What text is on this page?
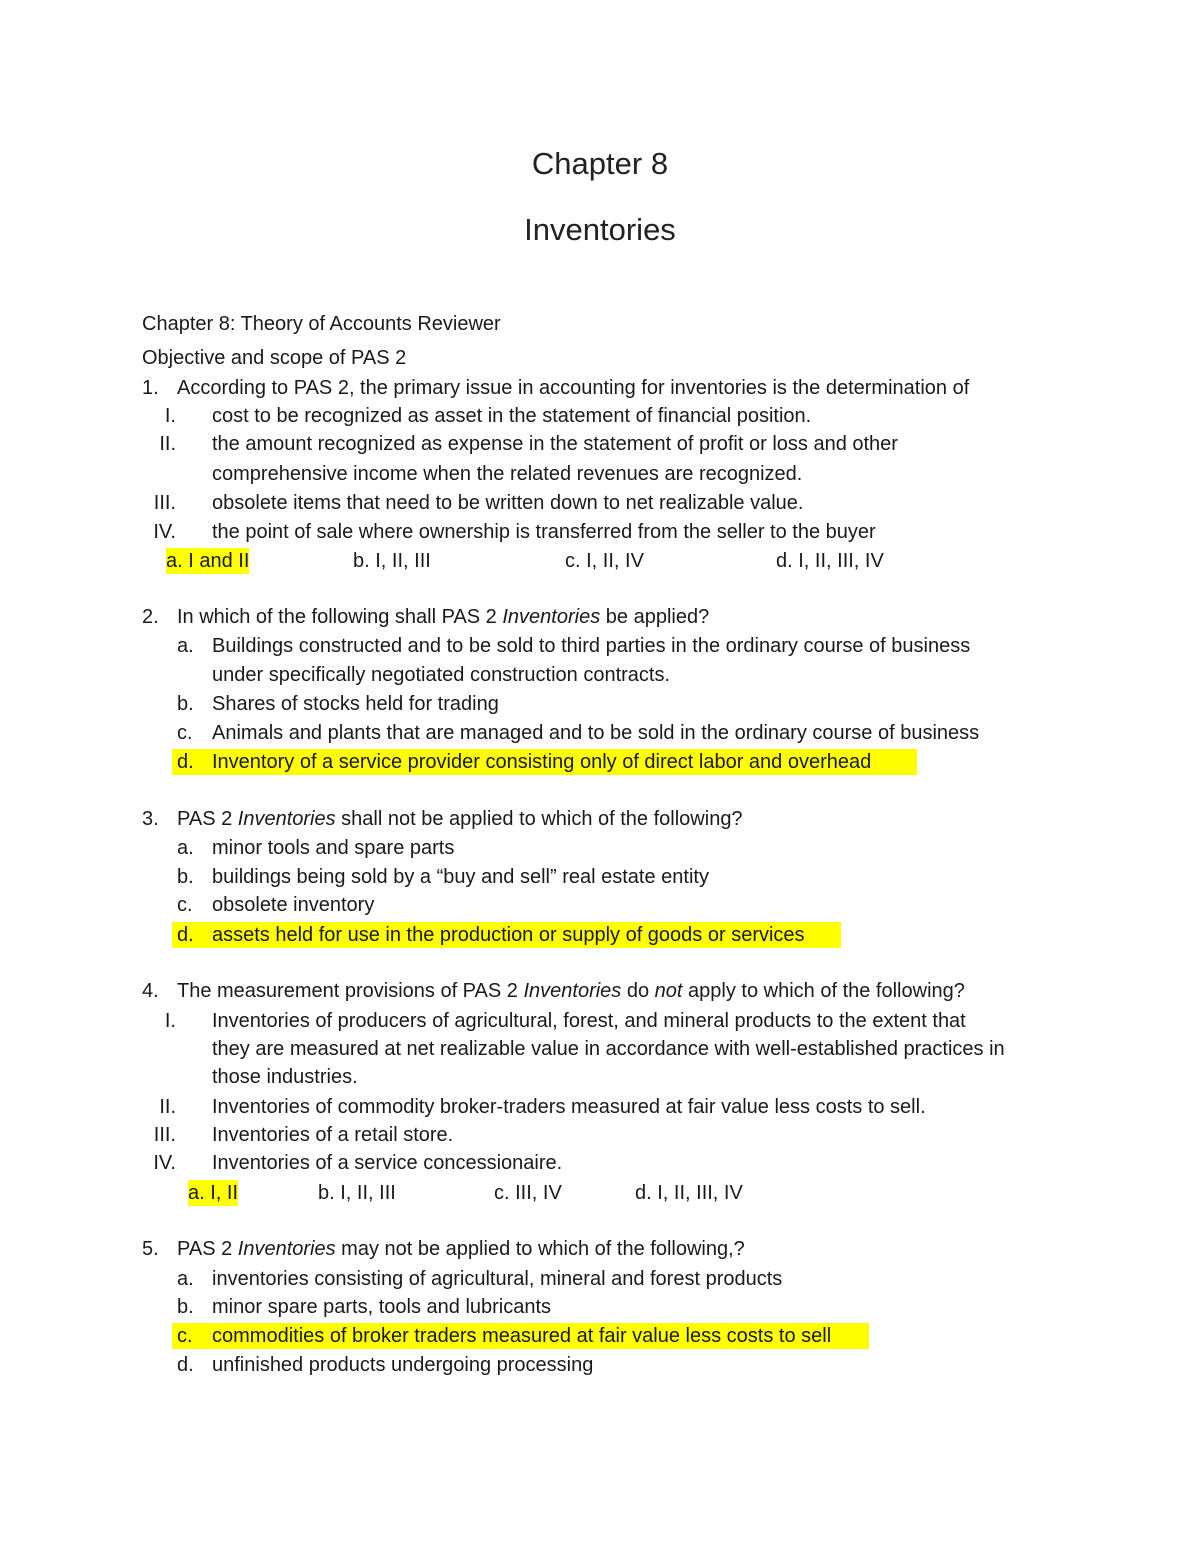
Chapter 8
Inventories
Chapter 8: Theory of Accounts Reviewer
Objective and scope of PAS 2
1. According to PAS 2, the primary issue in accounting for inventories is the determination of
I. cost to be recognized as asset in the statement of financial position.
II. the amount recognized as expense in the statement of profit or loss and other
comprehensive income when the related revenues are recognized.
III. obsolete items that need to be written down to net realizable value.
IV. the point of sale where ownership is transferred from the seller to the buyer
a. I and II	b. I, II, III	c. I, II, IV	d. I, II, III, IV
2. In which of the following shall PAS 2 Inventories be applied?
a. Buildings constructed and to be sold to third parties in the ordinary course of business
under specifically negotiated construction contracts.
b. Shares of stocks held for trading
c. Animals and plants that are managed and to be sold in the ordinary course of business
d. Inventory of a service provider consisting only of direct labor and overhead
3. PAS 2 Inventories shall not be applied to which of the following?
a. minor tools and spare parts
b. buildings being sold by a “buy and sell” real estate entity
c. obsolete inventory
d. assets held for use in the production or supply of goods or services
4. The measurement provisions of PAS 2 Inventories do not apply to which of the following?
I. Inventories of producers of agricultural, forest, and mineral products to the extent that
they are measured at net realizable value in accordance with well-established practices in
those industries.
II. Inventories of commodity broker-traders measured at fair value less costs to sell.
III. Inventories of a retail store.
IV. Inventories of a service concessionaire.
a. I, II	b. I, II, III	c. III, IV	d. I, II, III, IV
5. PAS 2 Inventories may not be applied to which of the following,?
a. inventories consisting of agricultural, mineral and forest products
b. minor spare parts, tools and lubricants
c. commodities of broker traders measured at fair value less costs to sell
d. unfinished products undergoing processing
